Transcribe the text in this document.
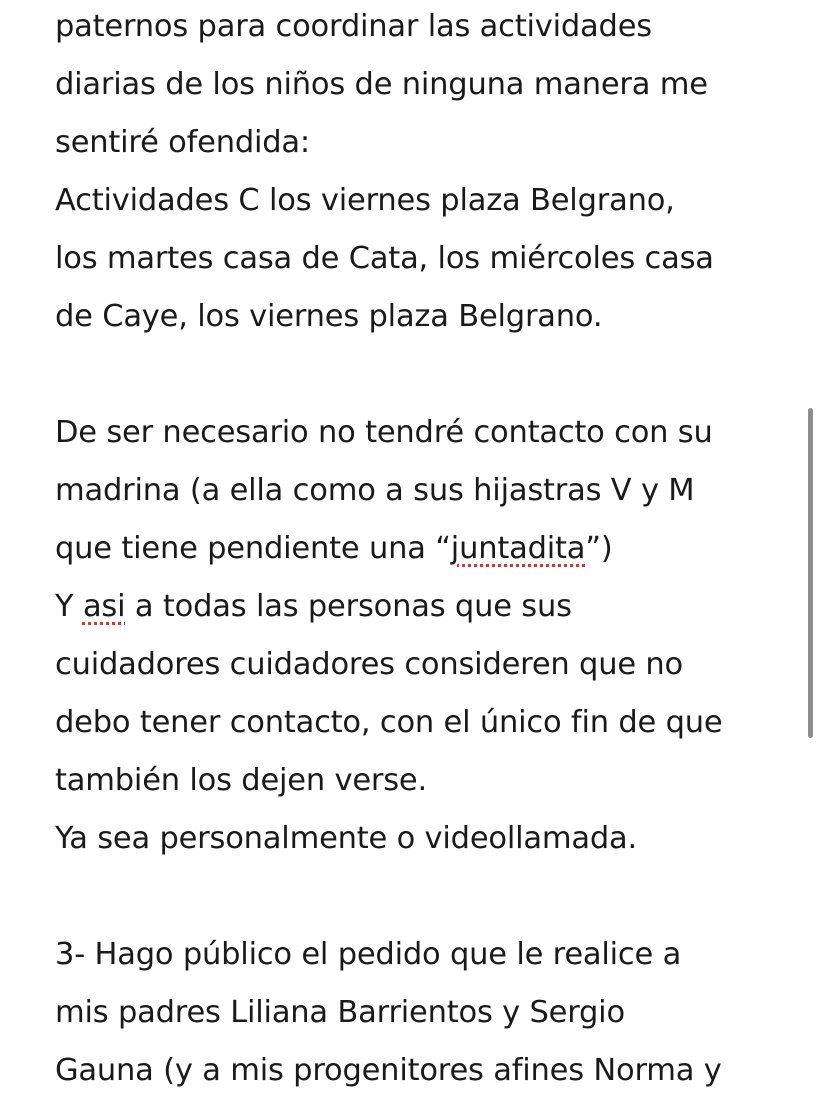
paternos para coordinar las actividades
diarias de los niños de ninguna manera me
sentiré ofendida:
Actividades C los viernes plaza Belgrano,
los martes casa de Cata, los miércoles casa
de Caye, los viernes plaza Belgrano.
De ser necesario no tendré contacto con su
madrina (a ella como a sus hijastras V y M
que tiene pendiente una “juntadita”)
Y asi a todas las personas que sus
cuidadores cuidadores consideren que no
debo tener contacto, con el único fin de que
también los dejen verse.
Ya sea personalmente o videollamada.
3- Hago público el pedido que le realice a
mis padres Liliana Barrientos y Sergio
Gauna (y a mis progenitores afines Norma y
